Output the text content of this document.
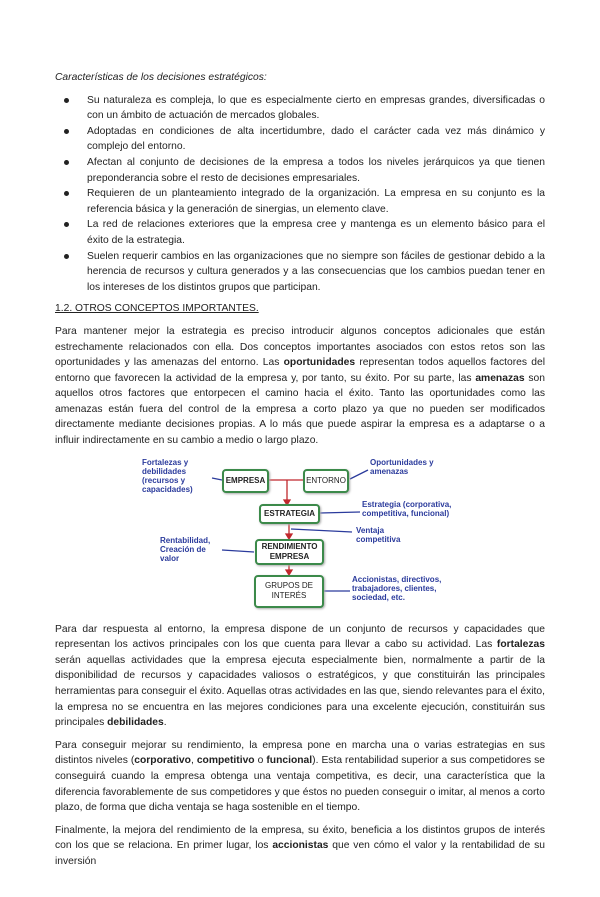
Características de los decisiones estratégicos:
Su naturaleza es compleja, lo que es especialmente cierto en empresas grandes, diversificadas o con un ámbito de actuación de mercados globales.
Adoptadas en condiciones de alta incertidumbre, dado el carácter cada vez más dinámico y complejo del entorno.
Afectan al conjunto de decisiones de la empresa a todos los niveles jerárquicos ya que tienen preponderancia sobre el resto de decisiones empresariales.
Requieren de un planteamiento integrado de la organización. La empresa en su conjunto es la referencia básica y la generación de sinergias, un elemento clave.
La red de relaciones exteriores que la empresa cree y mantenga es un elemento básico para el éxito de la estrategia.
Suelen requerir cambios en las organizaciones que no siempre son fáciles de gestionar debido a la herencia de recursos y cultura generados y a las consecuencias que los cambios puedan tener en los intereses de los distintos grupos que participan.
1.2. OTROS CONCEPTOS IMPORTANTES.
Para mantener mejor la estrategia es preciso introducir algunos conceptos adicionales que están estrechamente relacionados con ella. Dos conceptos importantes asociados con estos retos son las oportunidades y las amenazas del entorno. Las oportunidades representan todos aquellos factores del entorno que favorecen la actividad de la empresa y, por tanto, su éxito. Por su parte, las amenazas son aquellos otros factores que entorpecen el camino hacia el éxito. Tanto las oportunidades como las amenazas están fuera del control de la empresa a corto plazo ya que no pueden ser modificados directamente mediante decisiones propias. A lo más que puede aspirar la empresa es a adaptarse o a influir indirectamente en su cambio a medio o largo plazo.
EMPRESA	ENTORNO
ESTRATEGIA
RENDIMIENTO EMPRESA
GRUPOS DE INTERÉS
Fortalezas y debilidades (recursos y capacidades)
Oportunidades y amenazas
Estrategia (corporativa, competitiva, funcional)
Ventaja competitiva
Rentabilidad, Creación de valor
Accionistas, directivos, trabajadores, clientes, sociedad, etc.
Para dar respuesta al entorno, la empresa dispone de un conjunto de recursos y capacidades que representan los activos principales con los que cuenta para llevar a cabo su actividad. Las fortalezas serán aquellas actividades que la empresa ejecuta especialmente bien, normalmente a partir de la disponibilidad de recursos y capacidades valiosos o estratégicos, y que constituirán las principales herramientas para conseguir el éxito. Aquellas otras actividades en las que, siendo relevantes para el éxito, la empresa no se encuentra en las mejores condiciones para una excelente ejecución, constituirán sus principales debilidades.
Para conseguir mejorar su rendimiento, la empresa pone en marcha una o varias estrategias en sus distintos niveles (corporativo, competitivo o funcional). Esta rentabilidad superior a sus competidores se conseguirá cuando la empresa obtenga una ventaja competitiva, es decir, una característica que la diferencia favorablemente de sus competidores y que éstos no pueden conseguir o imitar, al menos a corto plazo, de forma que dicha ventaja se haga sostenible en el tiempo.
Finalmente, la mejora del rendimiento de la empresa, su éxito, beneficia a los distintos grupos de interés con los que se relaciona. En primer lugar, los accionistas que ven cómo el valor y la rentabilidad de su inversión
